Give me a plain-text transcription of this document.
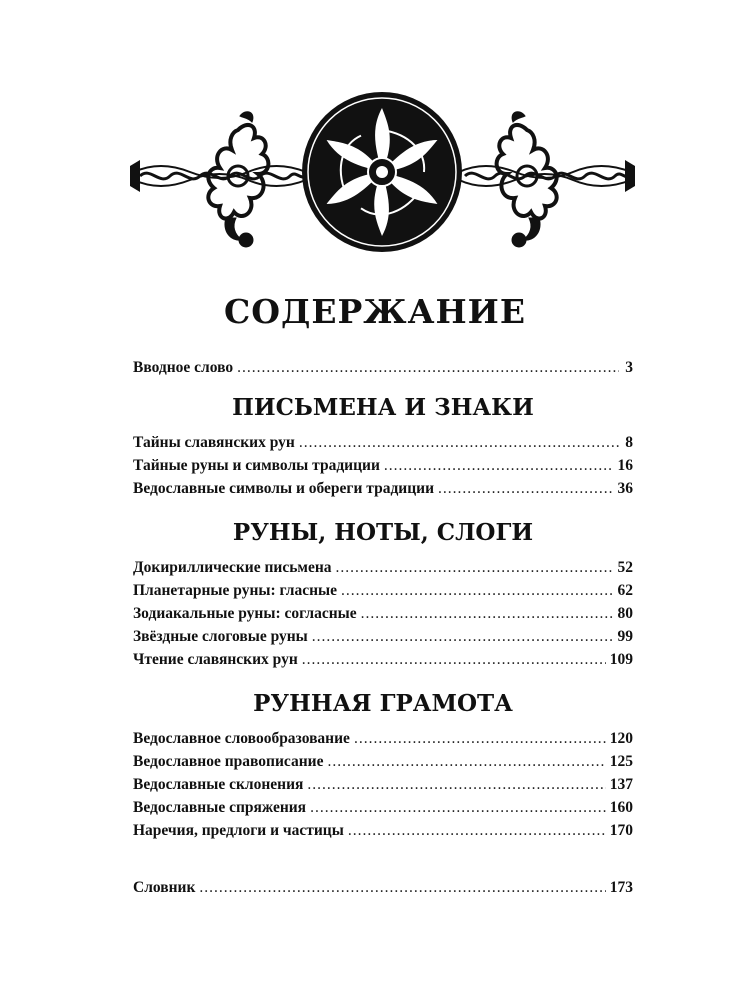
СОДЕРЖАНИЕ
Вводное слово .....	3
ПИСЬМЕНА И ЗНАКИ
Тайны славянских рун .....	8
Тайные руны и символы традиции .....	16
Ведославные символы и обереги традиции .....	36
РУНЫ, НОТЫ, СЛОГИ
Докириллические письмена .....	52
Планетарные руны: гласные .....	62
Зодиакальные руны: согласные .....	80
Звёздные слоговые руны .....	99
Чтение славянских рун .....	109
РУННАЯ ГРАМОТА
Ведославное словообразование .....	120
Ведославное правописание .....	125
Ведославные склонения .....	137
Ведославные спряжения .....	160
Наречия, предлоги и частицы .....	170
Словник .....	173
